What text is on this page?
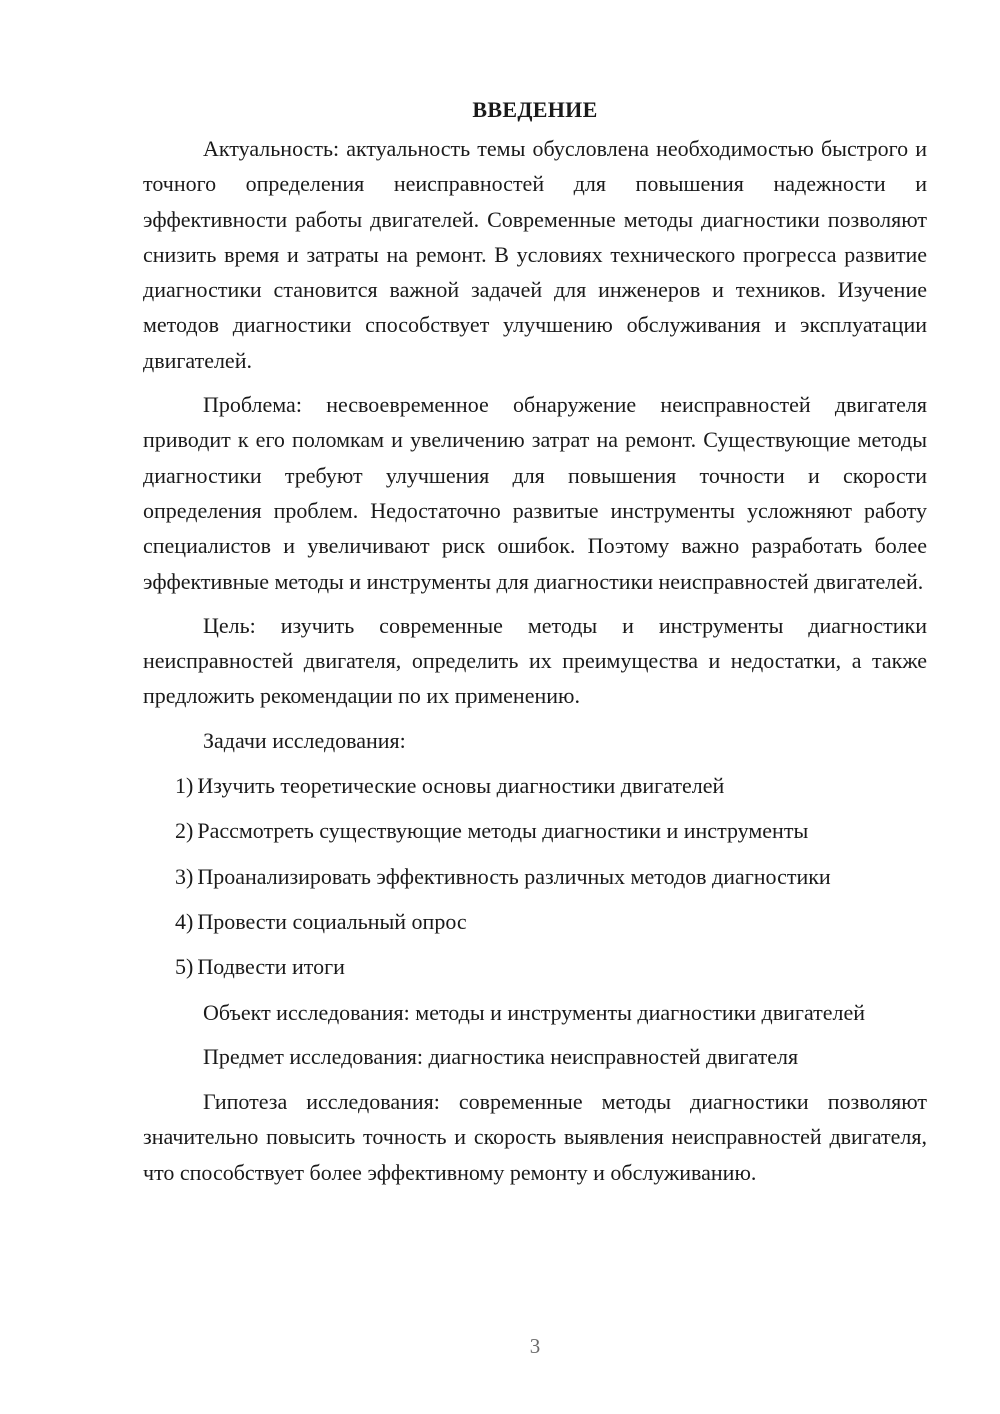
ВВЕДЕНИЕ

Актуальность: актуальность темы обусловлена необходимостью быстрого и точного определения неисправностей для повышения надежности и эффективности работы двигателей. Современные методы диагностики позволяют снизить время и затраты на ремонт. В условиях технического прогресса развитие диагностики становится важной задачей для инженеров и техников. Изучение методов диагностики способствует улучшению обслуживания и эксплуатации двигателей.

Проблема: несвоевременное обнаружение неисправностей двигателя приводит к его поломкам и увеличению затрат на ремонт. Существующие методы диагностики требуют улучшения для повышения точности и скорости определения проблем. Недостаточно развитые инструменты усложняют работу специалистов и увеличивают риск ошибок. Поэтому важно разработать более эффективные методы и инструменты для диагностики неисправностей двигателей.

Цель: изучить современные методы и инструменты диагностики неисправностей двигателя, определить их преимущества и недостатки, а также предложить рекомендации по их применению.

Задачи исследования:

1) Изучить теоретические основы диагностики двигателей

2) Рассмотреть существующие методы диагностики и инструменты

3) Проанализировать эффективность различных методов диагностики

4) Провести социальный опрос

5) Подвести итоги

Объект исследования: методы и инструменты диагностики двигателей

Предмет исследования: диагностика неисправностей двигателя

Гипотеза исследования: современные методы диагностики позволяют значительно повысить точность и скорость выявления неисправностей двигателя, что способствует более эффективному ремонту и обслуживанию.

3
